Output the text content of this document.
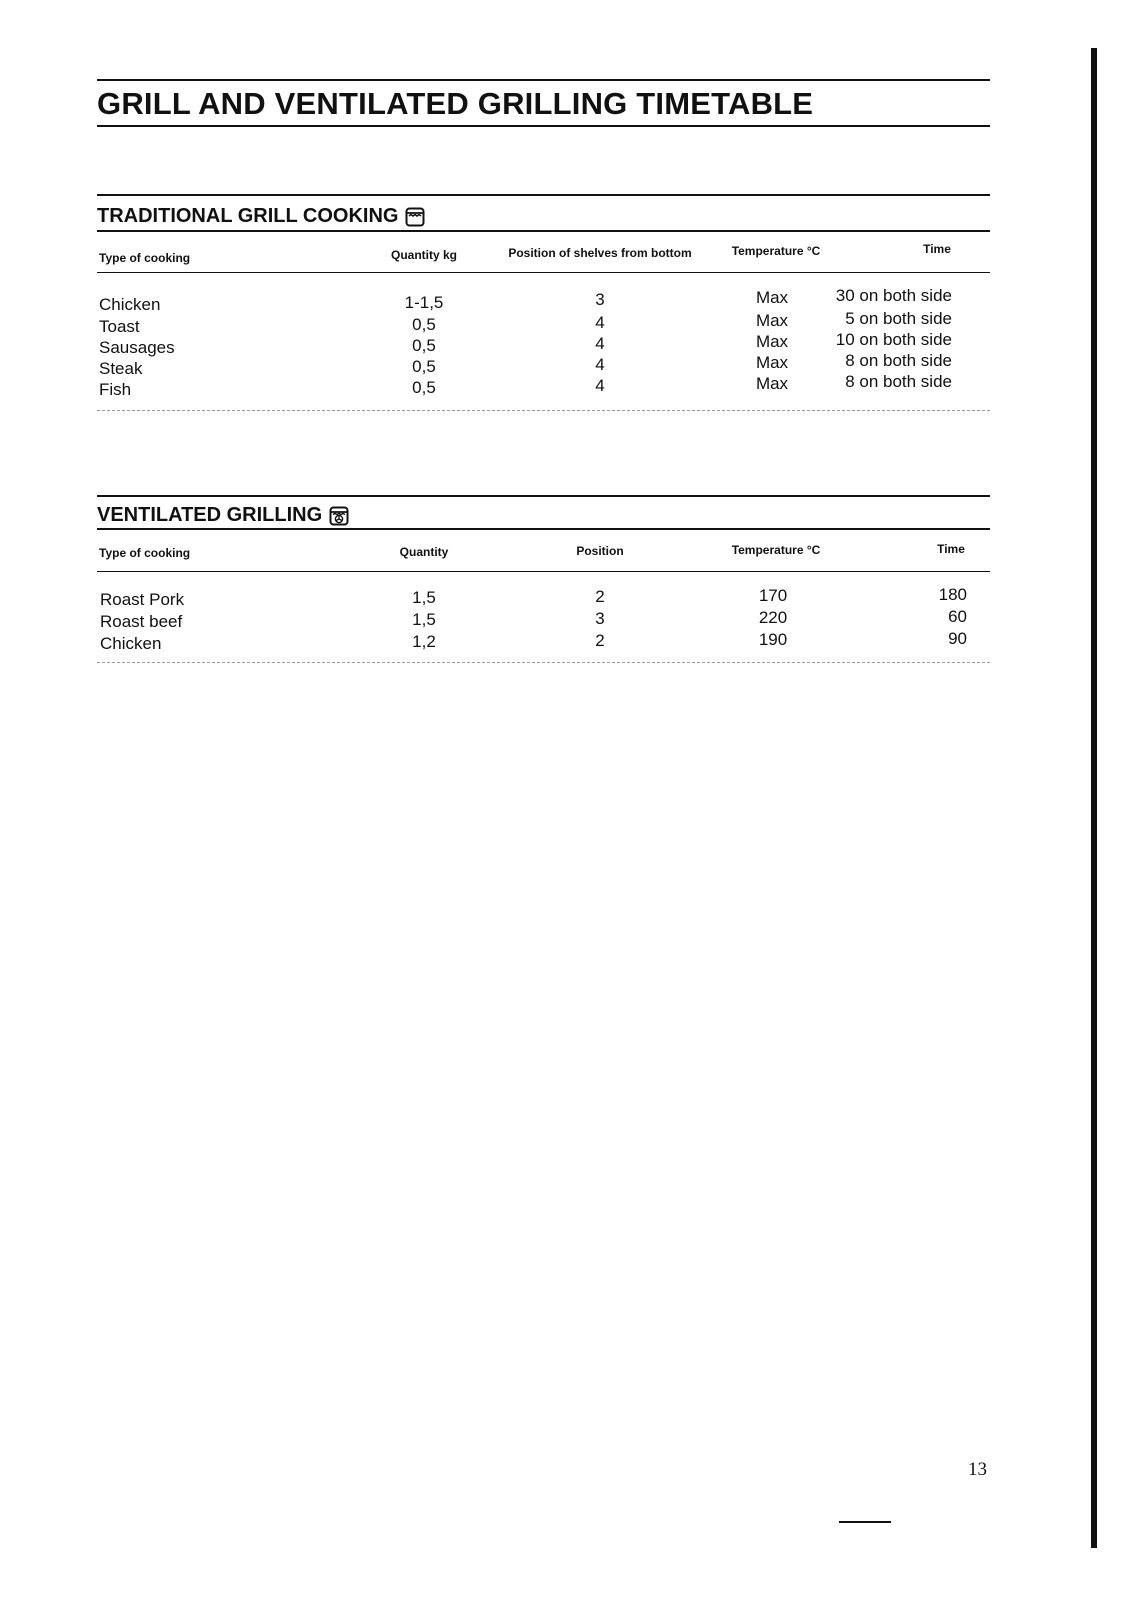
GRILL AND VENTILATED GRILLING TIMETABLE
TRADITIONAL GRILL COOKING
Type of cooking	Quantity kg	Position of shelves from bottom	Temperature °C	Time
Chicken	1-1,5	3	Max	30 on both side
Toast	0,5	4	Max	5 on both side
Sausages	0,5	4	Max	10 on both side
Steak	0,5	4	Max	8 on both side
Fish	0,5	4	Max	8 on both side
VENTILATED GRILLING
Type of cooking	Quantity	Position	Temperature °C	Time
Roast Pork	1,5	2	170	180
Roast beef	1,5	3	220	60
Chicken	1,2	2	190	90
13
